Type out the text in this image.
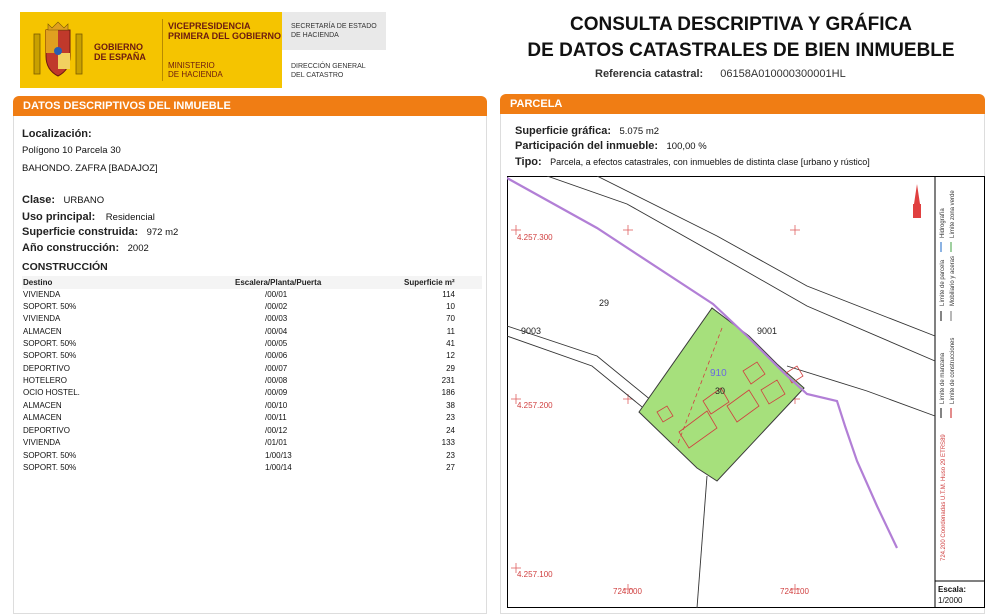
GOBIERNO
DE ESPAÑA
VICEPRESIDENCIA
PRIMERA DEL GOBIERNO
MINISTERIO
DE HACIENDA
SECRETARÍA DE ESTADO
DE HACIENDA
DIRECCIÓN GENERAL
DEL CATASTRO
CONSULTA DESCRIPTIVA Y GRÁFICA
DE DATOS CATASTRALES DE BIEN INMUEBLE
Referencia catastral: 06158A010000300001HL
DATOS DESCRIPTIVOS DEL INMUEBLE
Localización:
Polígono 10 Parcela 30
BAHONDO. ZAFRA [BADAJOZ]
Clase: URBANO
Uso principal: Residencial
Superficie construida: 972 m2
Año construcción: 2002
CONSTRUCCIÓN
Destino	Escalera/Planta/Puerta	Superficie m²
VIVIENDA	/00/01	114
SOPORT. 50%	/00/02	10
VIVIENDA	/00/03	70
ALMACEN	/00/04	11
SOPORT. 50%	/00/05	41
SOPORT. 50%	/00/06	12
DEPORTIVO	/00/07	29
HOTELERO	/00/08	231
OCIO HOSTEL.	/00/09	186
ALMACEN	/00/10	38
ALMACEN	/00/11	23
DEPORTIVO	/00/12	24
VIVIENDA	/01/01	133
SOPORT. 50%	1/00/13	23
SOPORT. 50%	1/00/14	27
PARCELA
Superficie gráfica: 5.075 m2
Participación del inmueble: 100,00 %
Tipo: Parcela, a efectos catastrales, con inmuebles de distinta clase [urbano y rústico]
4.257.300
4.257.200
4.257.100
724.000	724.100
29
9003	9001
30
910
Límite de parcela Mobiliario y aceras
Límite de manzana Límite de construcciones
Hidrografía Límite zona verde
724.200 Coordenadas U.T.M. Huso 29 ETRS89
Escala:
1/2000
